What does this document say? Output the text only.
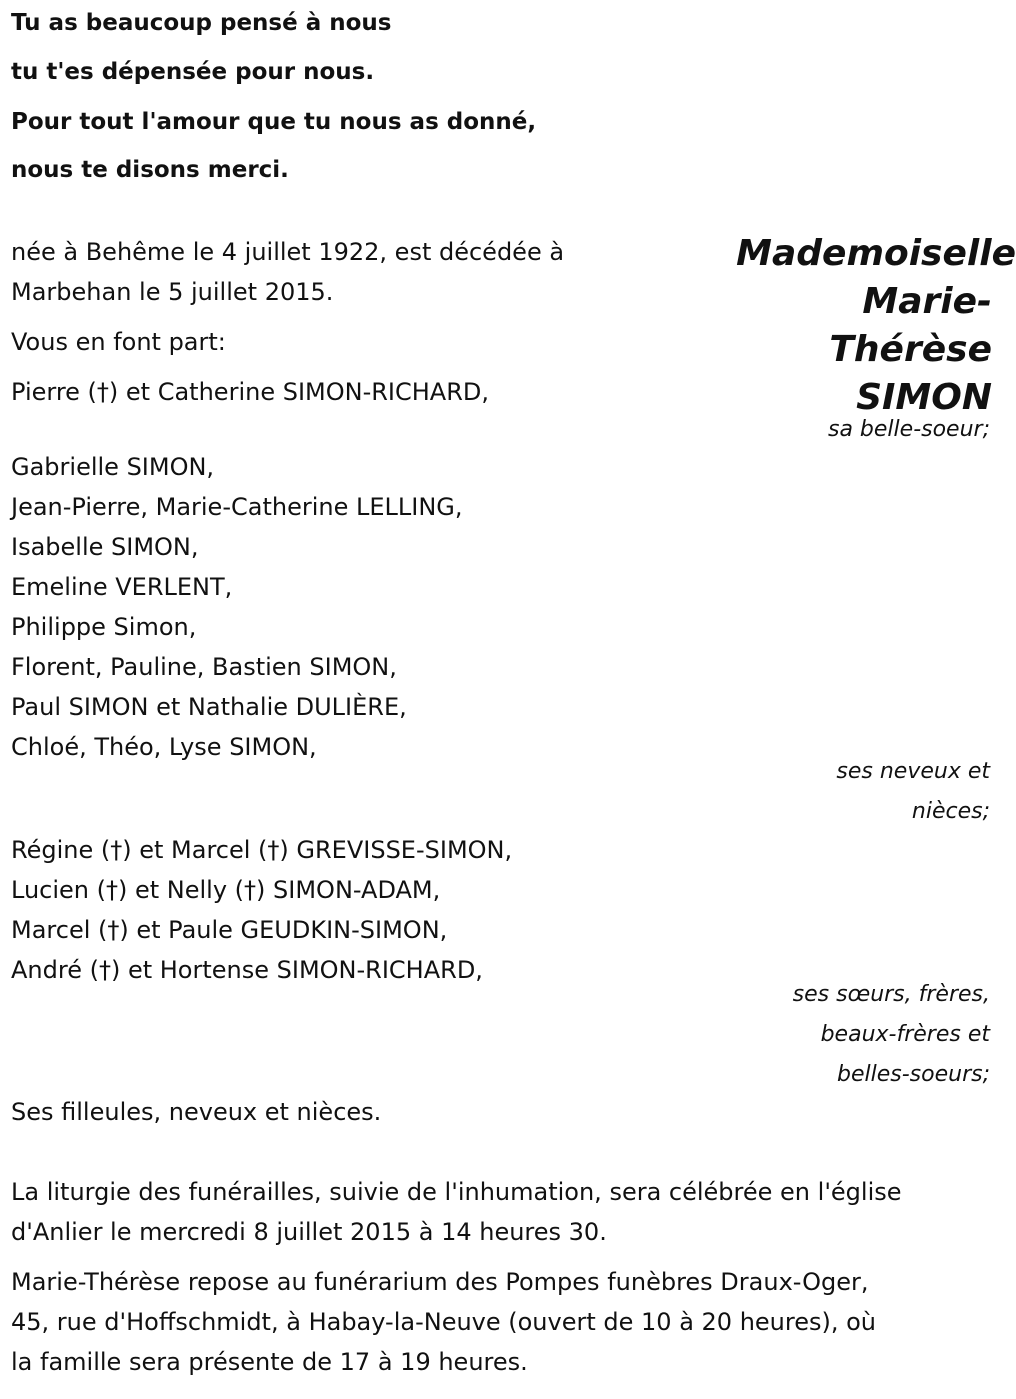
Tu as beaucoup pensé à nous
tu t'es dépensée pour nous.
Pour tout l'amour que tu nous as donné,
nous te disons merci.
Mademoiselle
Marie-
Thérèse
SIMON
née à Behême le 4 juillet 1922, est décédée à
Marbehan le 5 juillet 2015.
Vous en font part:
Pierre (†) et Catherine SIMON-RICHARD,
sa belle-soeur;
Gabrielle SIMON,
Jean-Pierre, Marie-Catherine LELLING,
Isabelle SIMON,
Emeline VERLENT,
Philippe Simon,
Florent, Pauline, Bastien SIMON,
Paul SIMON et Nathalie DULIÈRE,
Chloé, Théo, Lyse SIMON,
ses neveux et
nièces;
Régine (†) et Marcel (†) GREVISSE-SIMON,
Lucien (†) et Nelly (†) SIMON-ADAM,
Marcel (†) et Paule GEUDKIN-SIMON,
André (†) et Hortense SIMON-RICHARD,
ses sœurs, frères,
beaux-frères et
belles-soeurs;
Ses filleules, neveux et nièces.
La liturgie des funérailles, suivie de l'inhumation, sera célébrée en l'église
d'Anlier le mercredi 8 juillet 2015 à 14 heures 30.
Marie-Thérèse repose au funérarium des Pompes funèbres Draux-Oger,
45, rue d'Hoffschmidt, à Habay-la-Neuve (ouvert de 10 à 20 heures), où
la famille sera présente de 17 à 19 heures.
